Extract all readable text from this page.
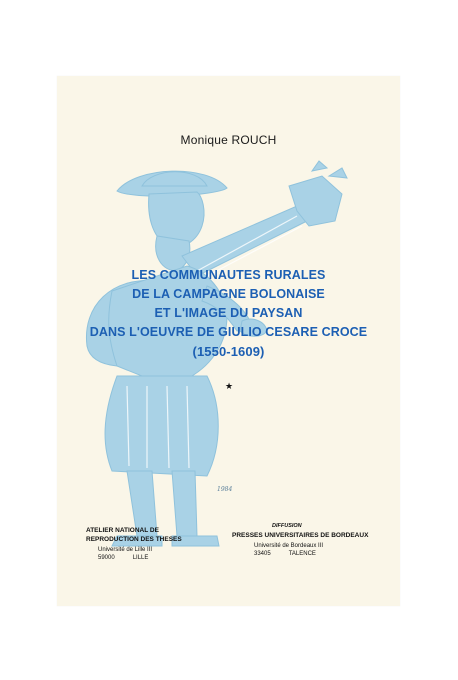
Monique ROUCH
LES COMMUNAUTES RURALES
DE LA CAMPAGNE BOLONAISE
ET L'IMAGE DU PAYSAN
DANS L'OEUVRE DE GIULIO CESARE CROCE
(1550-1609)
★
1984
ATELIER NATIONAL DE
REPRODUCTION DES THESES
Université de Lille III
59000	LILLE
DIFFUSION
PRESSES UNIVERSITAIRES DE BORDEAUX
Université de Bordeaux III
33405	TALENCE
